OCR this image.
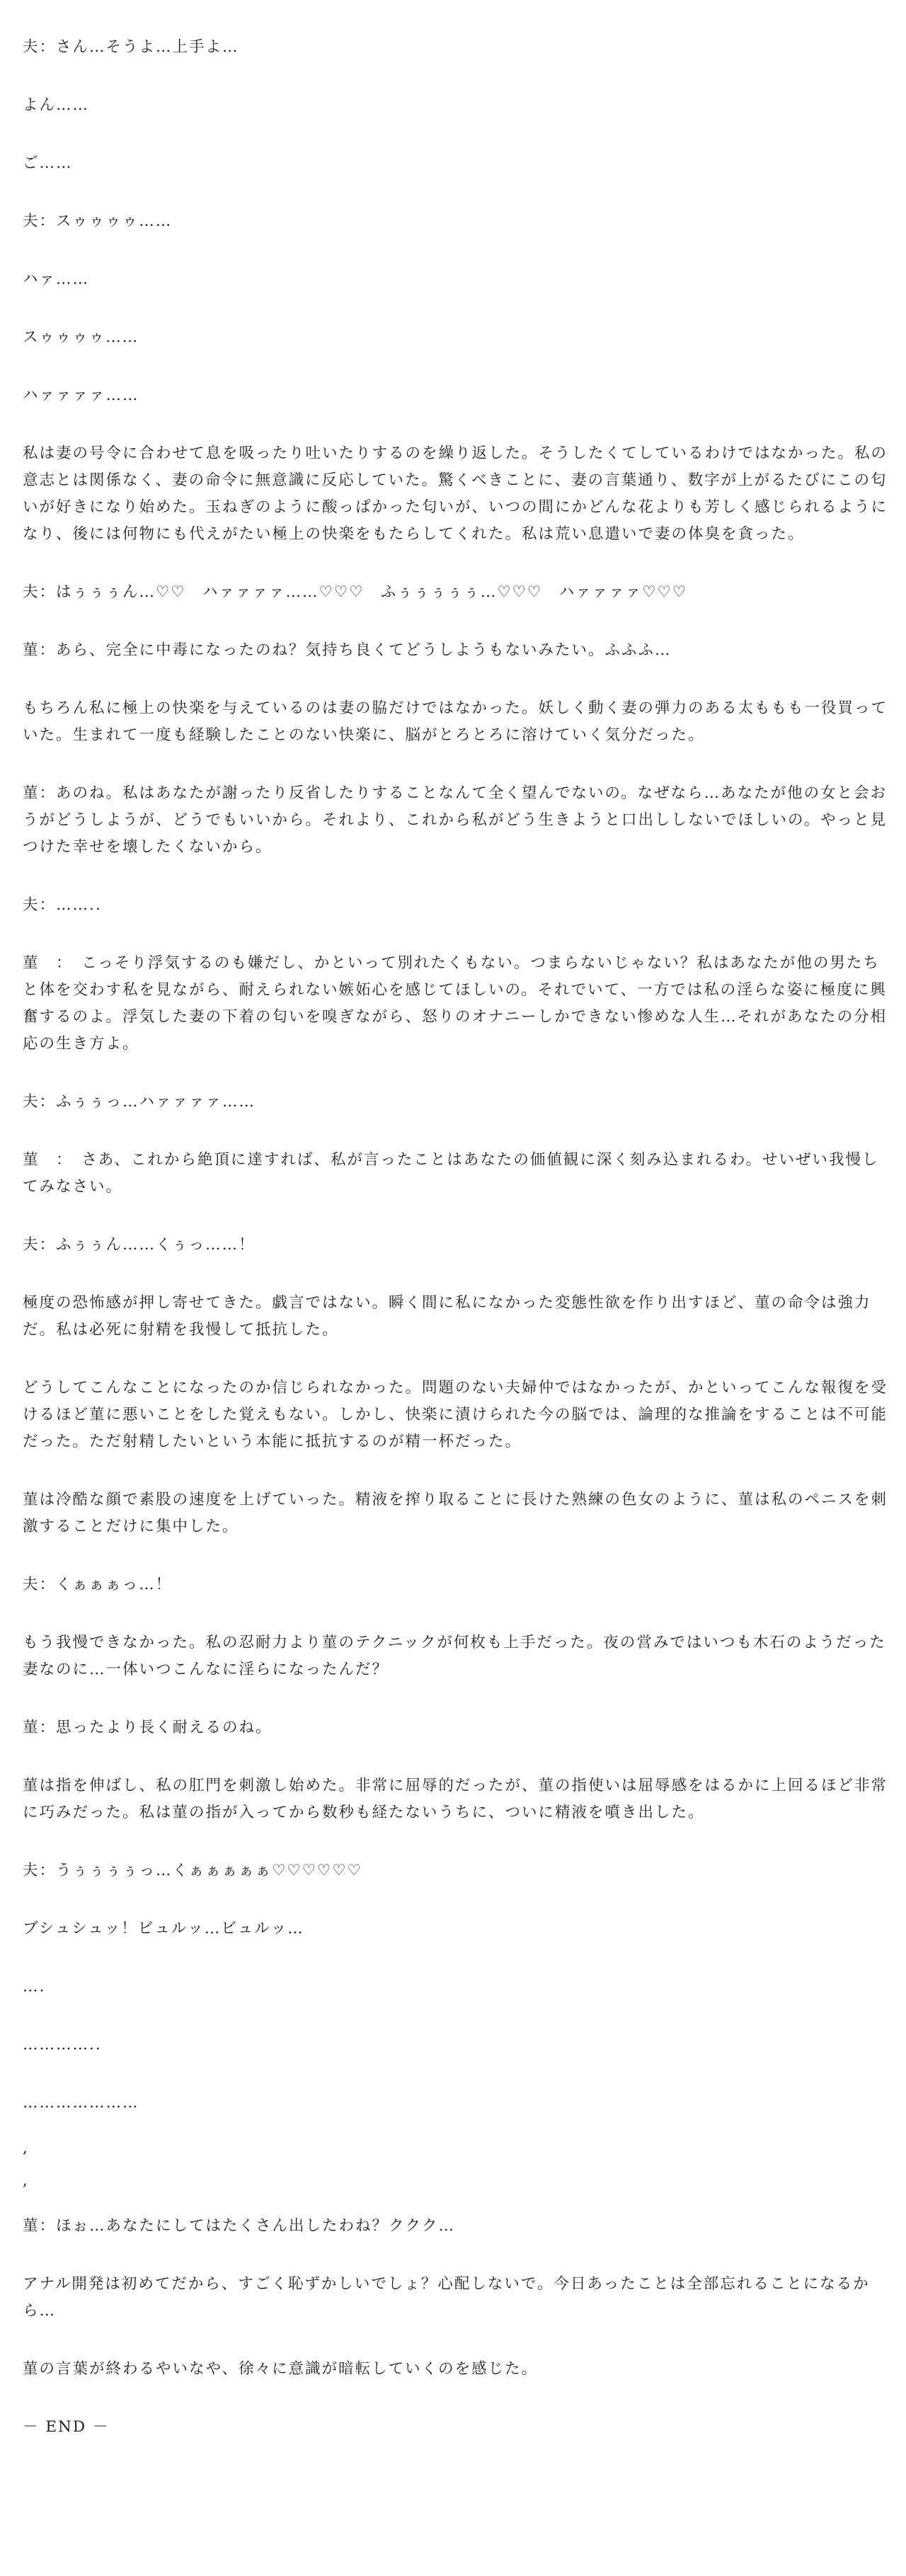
夫：さん…そうよ…上手よ…

よん……

ご……

夫：スゥゥゥゥ……

ハァ……

スゥゥゥゥ……

ハァァァァ……

私は妻の号令に合わせて息を吸ったり吐いたりするのを繰り返した。そうしたくてしているわけではなかった。私の意志とは関係なく、妻の命令に無意識に反応していた。驚くべきことに、妻の言葉通り、数字が上がるたびにこの匂いが好きになり始めた。玉ねぎのように酸っぱかった匂いが、いつの間にかどんな花よりも芳しく感じられるようになり、後には何物にも代えがたい極上の快楽をもたらしてくれた。私は荒い息遣いで妻の体臭を貪った。

夫：はぅぅぅん…♡♡　ハァァァァ……♡♡♡　ふぅぅぅぅぅ…♡♡♡　ハァァァァ♡♡♡

菫：あら、完全に中毒になったのね？気持ち良くてどうしようもないみたい。ふふふ…

もちろん私に極上の快楽を与えているのは妻の脇だけではなかった。妖しく動く妻の弾力のある太ももも一役買っていた。生まれて一度も経験したことのない快楽に、脳がとろとろに溶けていく気分だった。

菫：あのね。私はあなたが謝ったり反省したりすることなんて全く望んでないの。なぜなら…あなたが他の女と会おうがどうしようが、どうでもいいから。それより、これから私がどう生きようと口出ししないでほしいの。やっと見つけた幸せを壊したくないから。

夫：……..

菫　：　こっそり浮気するのも嫌だし、かといって別れたくもない。つまらないじゃない？私はあなたが他の男たちと体を交わす私を見ながら、耐えられない嫉妬心を感じてほしいの。それでいて、一方では私の淫らな姿に極度に興奮するのよ。浮気した妻の下着の匂いを嗅ぎながら、怒りのオナニーしかできない惨めな人生…それがあなたの分相応の生き方よ。

夫：ふぅぅっ…ハァァァァ……

菫　：　さあ、これから絶頂に達すれば、私が言ったことはあなたの価値観に深く刻み込まれるわ。せいぜい我慢してみなさい。

夫：ふぅぅん……くぅっ……！

極度の恐怖感が押し寄せてきた。戯言ではない。瞬く間に私になかった変態性欲を作り出すほど、菫の命令は強力だ。私は必死に射精を我慢して抵抗した。

どうしてこんなことになったのか信じられなかった。問題のない夫婦仲ではなかったが、かといってこんな報復を受けるほど菫に悪いことをした覚えもない。しかし、快楽に漬けられた今の脳では、論理的な推論をすることは不可能だった。ただ射精したいという本能に抵抗するのが精一杯だった。

菫は冷酷な顔で素股の速度を上げていった。精液を搾り取ることに長けた熟練の色女のように、菫は私のペニスを刺激することだけに集中した。

夫：くぁぁぁっ…！

もう我慢できなかった。私の忍耐力より菫のテクニックが何枚も上手だった。夜の営みではいつも木石のようだった妻なのに…一体いつこんなに淫らになったんだ？

菫：思ったより長く耐えるのね。

菫は指を伸ばし、私の肛門を刺激し始めた。非常に屈辱的だったが、菫の指使いは屈辱感をはるかに上回るほど非常に巧みだった。私は菫の指が入ってから数秒も経たないうちに、ついに精液を噴き出した。

夫：うぅぅぅぅっ…くぁぁぁぁぁ♡♡♡♡♡♡

ブシュシュッ！ビュルッ…ビュルッ…

….

…………..

…………………

,

,

菫：ほぉ…あなたにしてはたくさん出したわね？ククク…

アナル開発は初めてだから、すごく恥ずかしいでしょ？心配しないで。今日あったことは全部忘れることになるから…

菫の言葉が終わるやいなや、徐々に意識が暗転していくのを感じた。

－ END －
